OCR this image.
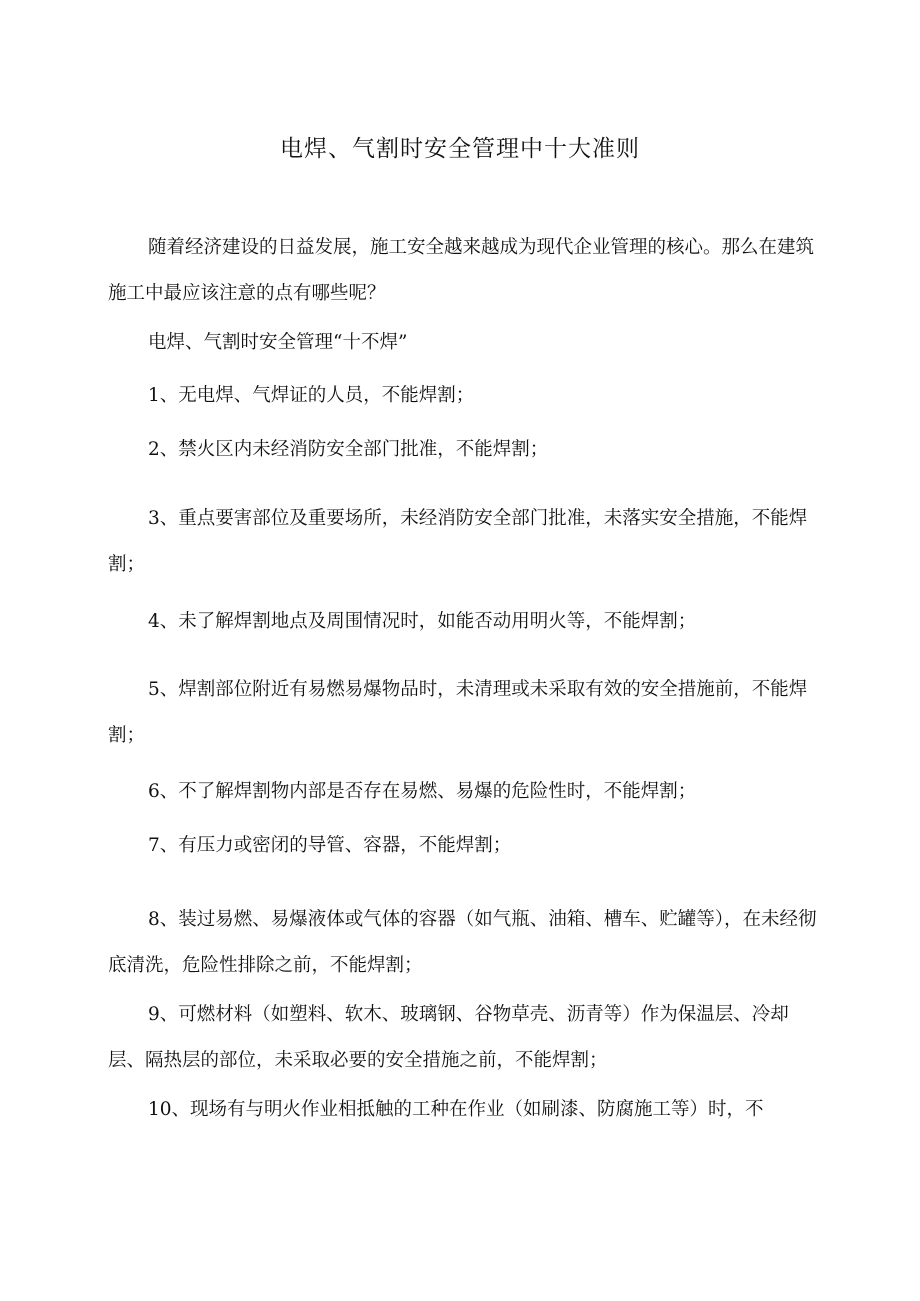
电焊、气割时安全管理中十大准则

随着经济建设的日益发展，施工安全越来越成为现代企业管理的核心。那么在建筑施工中最应该注意的点有哪些呢？

电焊、气割时安全管理“十不焊”

1、无电焊、气焊证的人员，不能焊割；

2、禁火区内未经消防安全部门批准，不能焊割；

3、重点要害部位及重要场所，未经消防安全部门批准，未落实安全措施，不能焊割；

4、未了解焊割地点及周围情况时，如能否动用明火等，不能焊割；

5、焊割部位附近有易燃易爆物品时，未清理或未采取有效的安全措施前，不能焊割；

6、不了解焊割物内部是否存在易燃、易爆的危险性时，不能焊割；

7、有压力或密闭的导管、容器，不能焊割；

8、装过易燃、易爆液体或气体的容器（如气瓶、油箱、槽车、贮罐等），在未经彻底清洗，危险性排除之前，不能焊割；

9、可燃材料（如塑料、软木、玻璃钢、谷物草壳、沥青等）作为保温层、冷却层、隔热层的部位，未采取必要的安全措施之前，不能焊割；

10、现场有与明火作业相抵触的工种在作业（如刷漆、防腐施工等）时，不
